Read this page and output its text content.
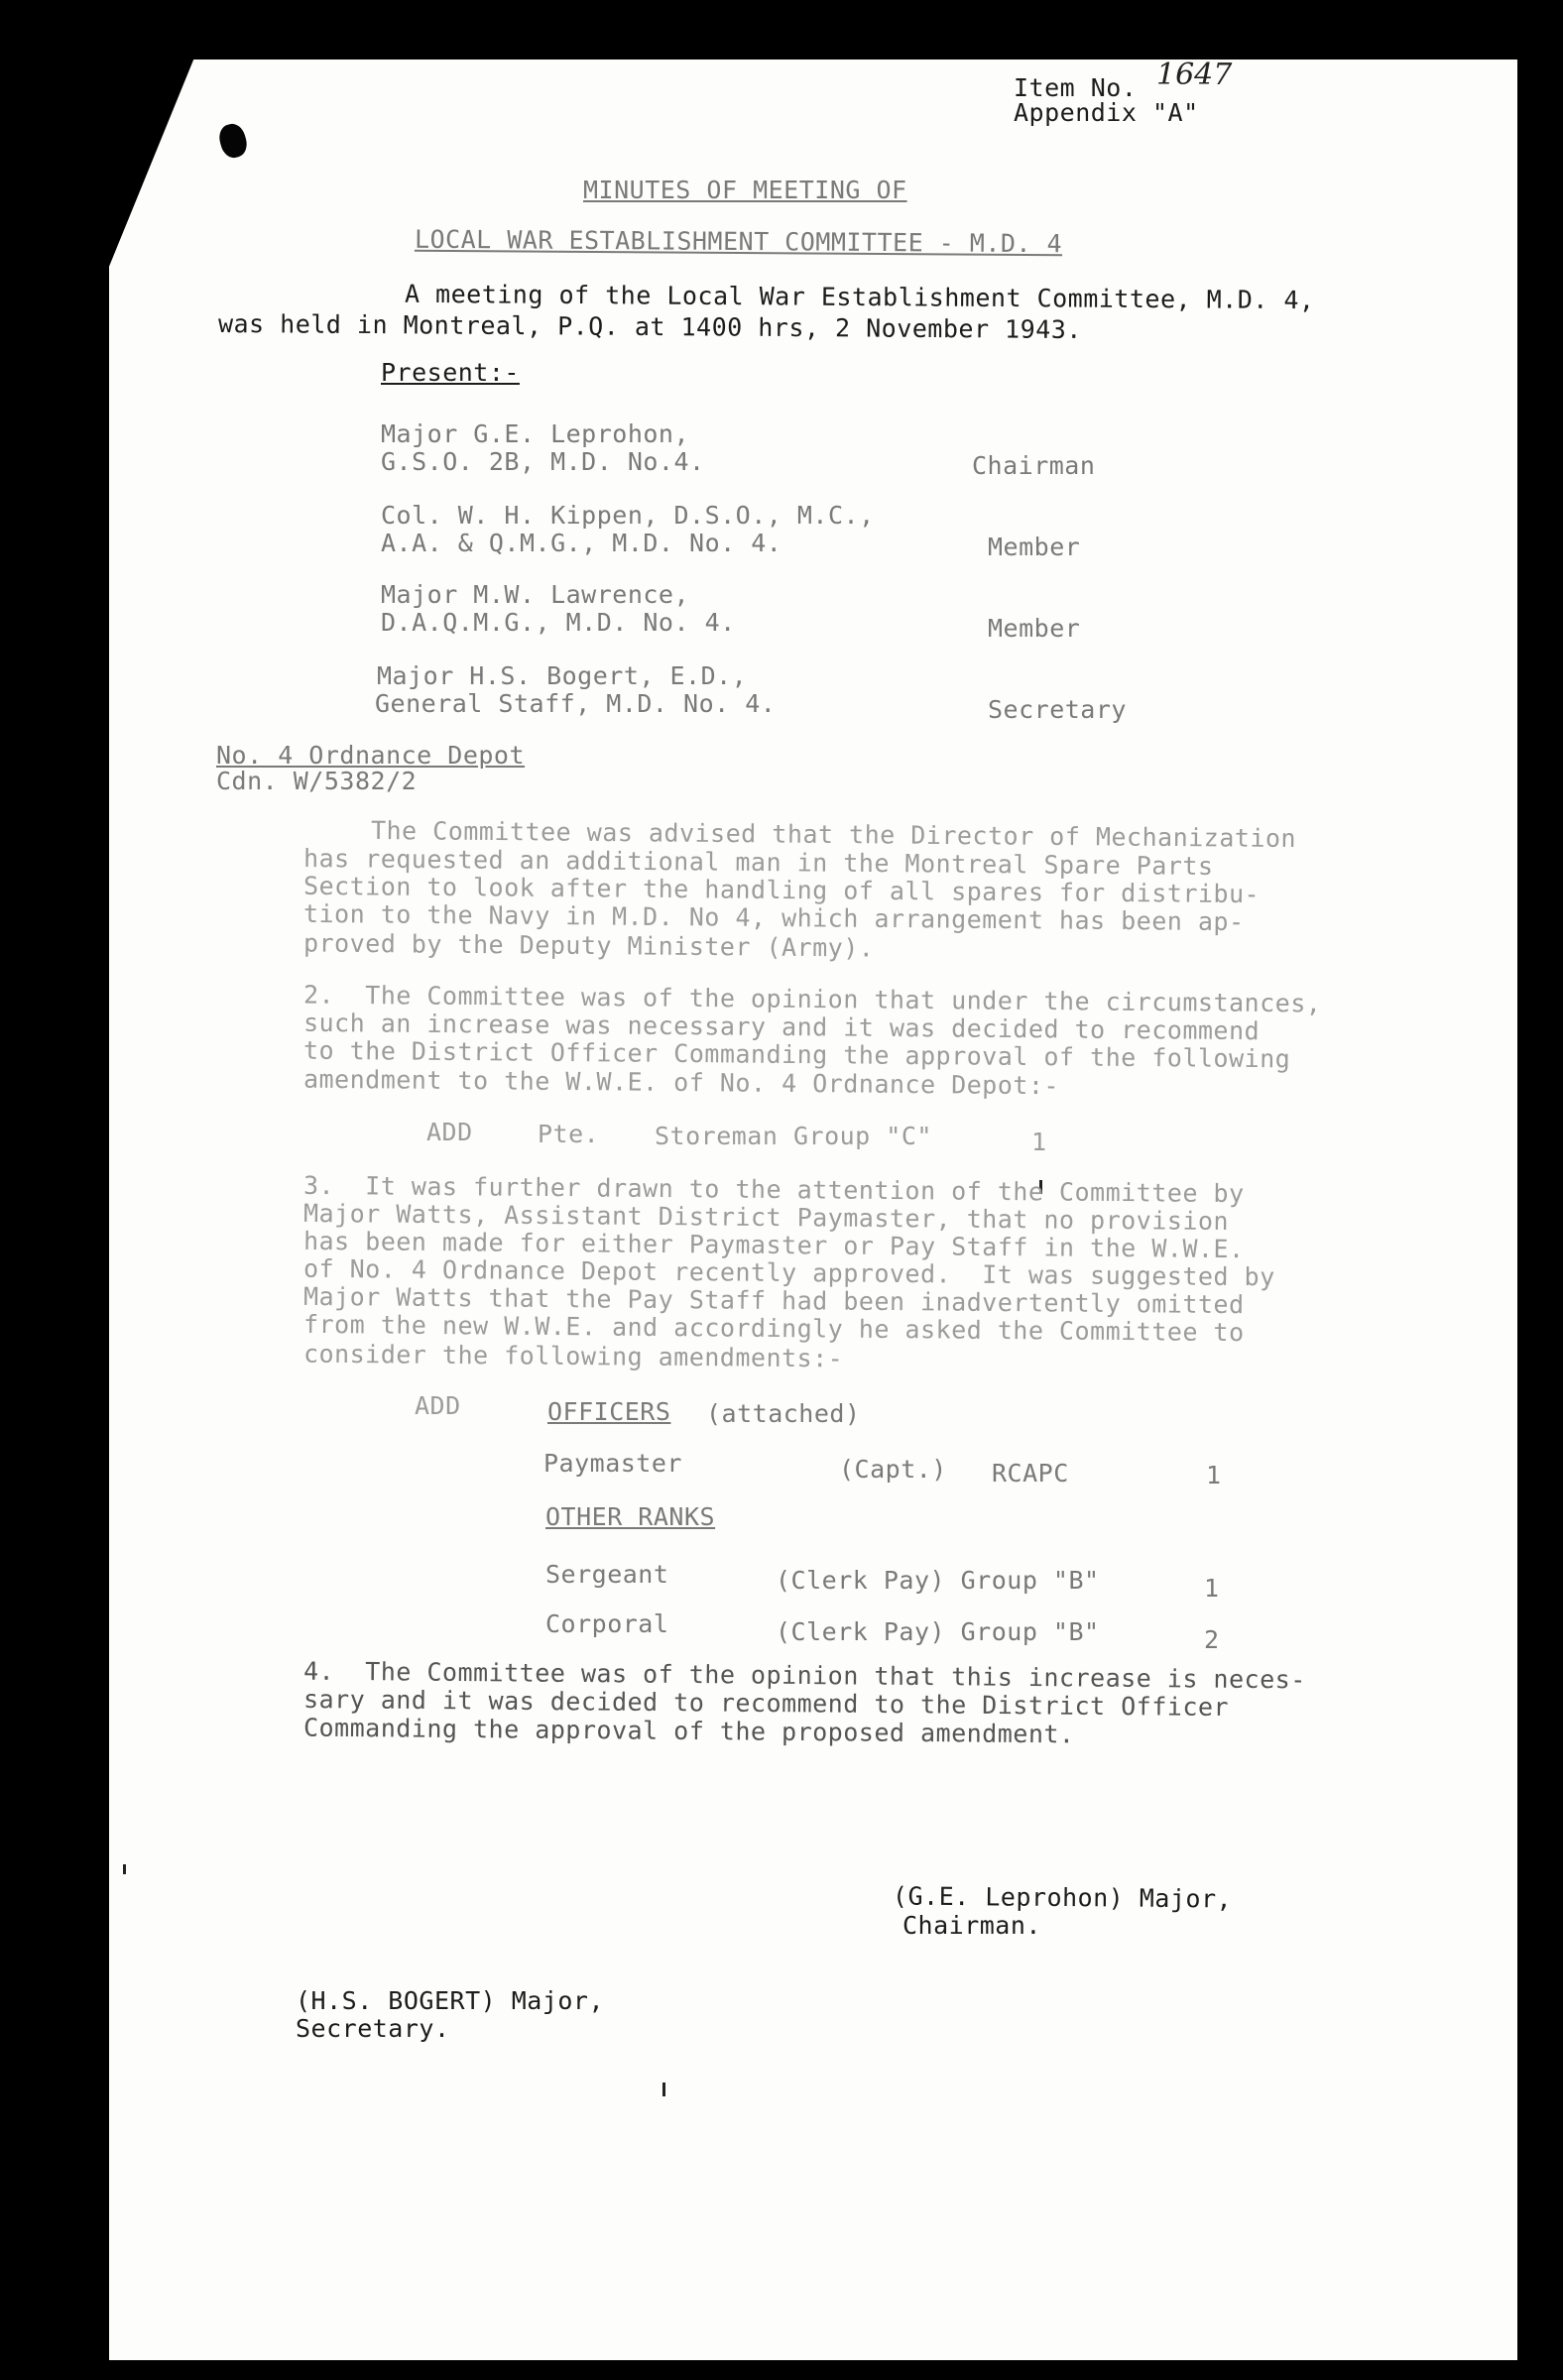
Item No. 1647
Appendix "A"
MINUTES OF MEETING OF
LOCAL WAR ESTABLISHMENT COMMITTEE - M.D. 4
A meeting of the Local War Establishment Committee, M.D. 4,
was held in Montreal, P.Q. at 1400 hrs, 2 November 1943.
Present:-
Major G.E. Leprohon,
G.S.O. 2B, M.D. No.4.	Chairman
Col. W. H. Kippen, D.S.O., M.C.,
A.A. & Q.M.G., M.D. No. 4.	Member
Major M.W. Lawrence,
D.A.Q.M.G., M.D. No. 4.	Member
Major H.S. Bogert, E.D.,
General Staff, M.D. No. 4.	Secretary
No. 4 Ordnance Depot
Cdn. W/5382/2
The Committee was advised that the Director of Mechanization
has requested an additional man in the Montreal Spare Parts
Section to look after the handling of all spares for distribu-
tion to the Navy in M.D. No 4, which arrangement has been ap-
proved by the Deputy Minister (Army).
2.  The Committee was of the opinion that under the circumstances,
such an increase was necessary and it was decided to recommend
to the District Officer Commanding the approval of the following
amendment to the W.W.E. of No. 4 Ordnance Depot:-
ADD	Pte. Storeman Group "C"	1
3.  It was further drawn to the attention of the Committee by
Major Watts, Assistant District Paymaster, that no provision
has been made for either Paymaster or Pay Staff in the W.W.E.
of No. 4 Ordnance Depot recently approved.  It was suggested by
Major Watts that the Pay Staff had been inadvertently omitted
from the new W.W.E. and accordingly he asked the Committee to
consider the following amendments:-
ADD	OFFICERS (attached)
Paymaster	(Capt.) RCAPC	1
OTHER RANKS
Sergeant	(Clerk Pay) Group "B"	1
Corporal	(Clerk Pay) Group "B"	2
4.  The Committee was of the opinion that this increase is neces-
sary and it was decided to recommend to the District Officer
Commanding the approval of the proposed amendment.
(G.E. Leprohon) Major,
Chairman.
(H.S. BOGERT) Major,
Secretary.
